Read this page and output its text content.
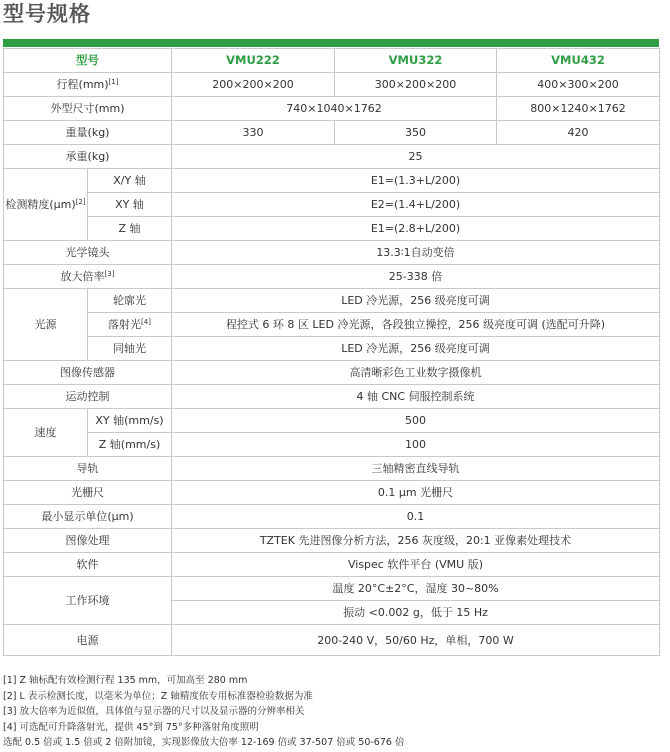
型号规格
型号		VMU222	VMU322	VMU432
行程(mm)[1]		200×200×200	300×200×200	400×300×200
外型尺寸(mm)		740×1040×1762		800×1240×1762
重量(kg)		330	350	420
承重(kg)		25		
检测精度(μm)[2]	X/Y 轴	E1=(1.3+L/200)		
	XY 轴	E2=(1.4+L/200)		
	Z 轴	E1=(2.8+L/200)		
光学镜头		13.3∶1自动变倍		
放大倍率[3]		25-338 倍		
光源	轮廓光	LED 冷光源，256 级亮度可调		
	落射光[4]	程控式 6 环 8 区 LED 冷光源，各段独立操控，256 级亮度可调 (选配可升降)		
	同轴光	LED 冷光源，256 级亮度可调		
图像传感器		高清晰彩色工业数字摄像机		
运动控制		4 轴 CNC 伺服控制系统		
速度	XY 轴(mm/s)	500		
	Z 轴(mm/s)	100		
导轨		三轴精密直线导轨		
光栅尺		0.1 μm 光栅尺		
最小显示单位(μm)		0.1		
图像处理		TZTEK 先进图像分析方法，256 灰度级，20:1 亚像素处理技术		
软件		Vispec 软件平台 (VMU 版)		
工作环境		温度 20°C±2°C，湿度 30~80%		
		振动 <0.002 g，低于 15 Hz		
电源		200-240 V，50/60 Hz，单相，700 W		
[1] Z 轴标配有效检测行程 135 mm，可加高至 280 mm
[2] L 表示检测长度，以毫米为单位；Z 轴精度依专用标准器检验数据为准
[3] 放大倍率为近似值，具体值与显示器的尺寸以及显示器的分辨率相关
[4] 可选配可升降落射光，提供 45°到 75°多种落射角度照明
选配 0.5 倍或 1.5 倍或 2 倍附加镜，实现影像放大倍率 12-169 倍或 37-507 倍或 50-676 倍
